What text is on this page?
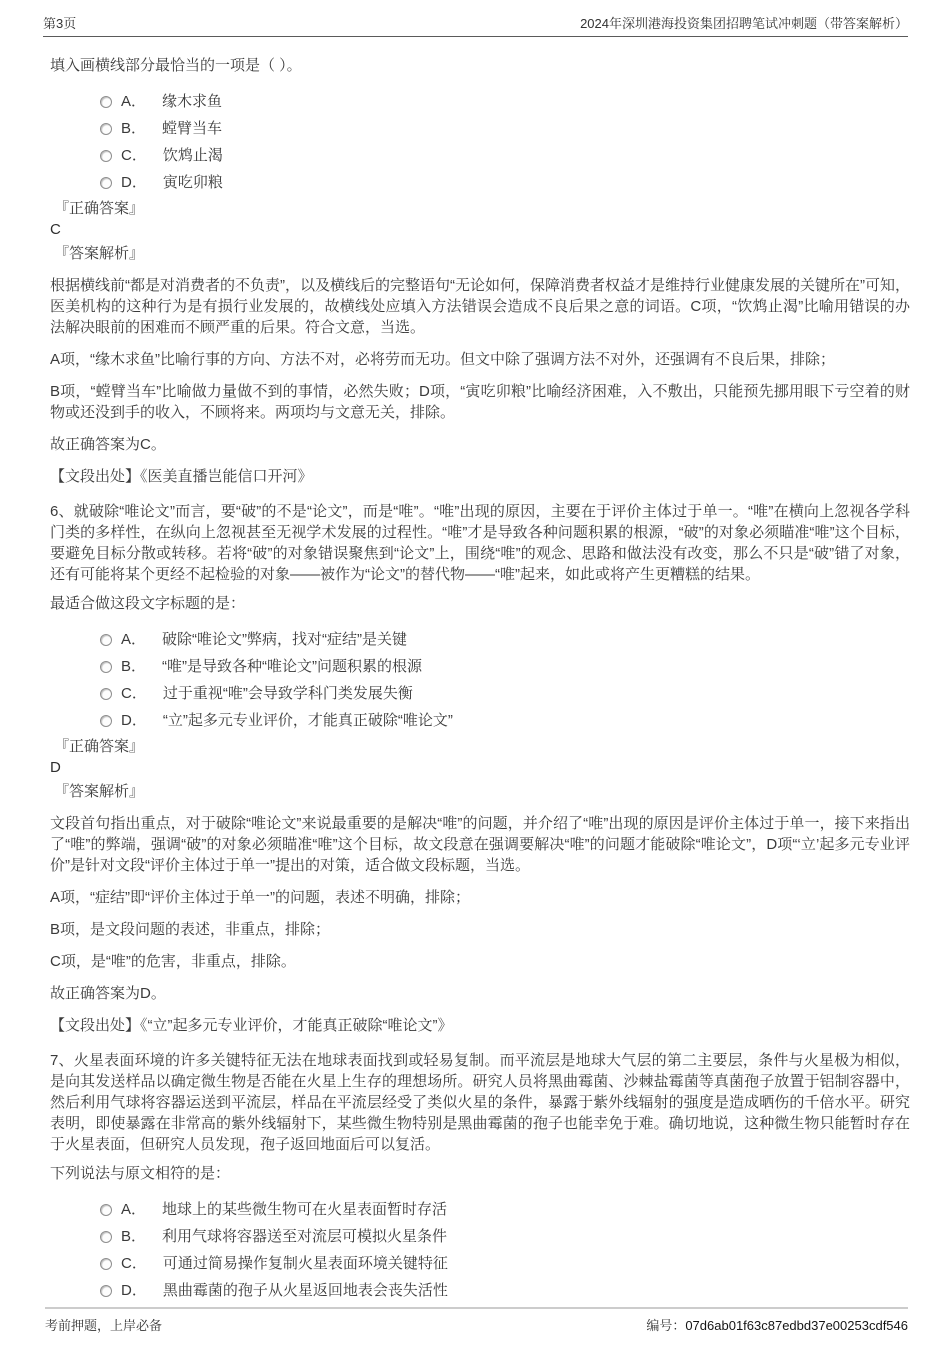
第3页	2024年深圳港海投资集团招聘笔试冲刺题（带答案解析）

填入画横线部分最恰当的一项是（ ）。

A． 缘木求鱼
B． 螳臂当车
C． 饮鸩止渴
D． 寅吃卯粮
『正确答案』
C
『答案解析』

根据横线前“都是对消费者的不负责”，以及横线后的完整语句“无论如何，保障消费者权益才是维持行业健康发展的关键所在”可知，医美机构的这种行为是有损行业发展的，故横线处应填入方法错误会造成不良后果之意的词语。C项，“饮鸩止渴”比喻用错误的办法解决眼前的困难而不顾严重的后果。符合文意，当选。

A项，“缘木求鱼”比喻行事的方向、方法不对，必将劳而无功。但文中除了强调方法不对外，还强调有不良后果，排除；

B项，“螳臂当车”比喻做力量做不到的事情，必然失败；D项，“寅吃卯粮”比喻经济困难，入不敷出，只能预先挪用眼下亏空着的财物或还没到手的收入，不顾将来。两项均与文意无关，排除。

故正确答案为C。

【文段出处】《医美直播岂能信口开河》

6、就破除“唯论文”而言，要“破”的不是“论文”，而是“唯”。“唯”出现的原因，主要在于评价主体过于单一。“唯”在横向上忽视各学科门类的多样性，在纵向上忽视甚至无视学术发展的过程性。“唯”才是导致各种问题积累的根源，“破”的对象必须瞄准“唯”这个目标，要避免目标分散或转移。若将“破”的对象错误聚焦到“论文”上，围绕“唯”的观念、思路和做法没有改变，那么不只是“破”错了对象，还有可能将某个更经不起检验的对象——被作为“论文”的替代物——“唯”起来，如此或将产生更糟糕的结果。

最适合做这段文字标题的是：

A． 破除“唯论文”弊病，找对“症结”是关键
B． “唯”是导致各种“唯论文”问题积累的根源
C． 过于重视“唯”会导致学科门类发展失衡
D． “立”起多元专业评价，才能真正破除“唯论文”
『正确答案』
D
『答案解析』

文段首句指出重点，对于破除“唯论文”来说最重要的是解决“唯”的问题，并介绍了“唯”出现的原因是评价主体过于单一，接下来指出了“唯”的弊端，强调“破”的对象必须瞄准“唯”这个目标，故文段意在强调要解决“唯”的问题才能破除“唯论文”，D项“‘立’起多元专业评价”是针对文段“评价主体过于单一”提出的对策，适合做文段标题，当选。

A项，“症结”即“评价主体过于单一”的问题，表述不明确，排除；

B项，是文段问题的表述，非重点，排除；

C项，是“唯”的危害，非重点，排除。

故正确答案为D。

【文段出处】《“立”起多元专业评价，才能真正破除“唯论文”》

7、火星表面环境的许多关键特征无法在地球表面找到或轻易复制。而平流层是地球大气层的第二主要层，条件与火星极为相似，是向其发送样品以确定微生物是否能在火星上生存的理想场所。研究人员将黑曲霉菌、沙棘盐霉菌等真菌孢子放置于铝制容器中，然后利用气球将容器运送到平流层，样品在平流层经受了类似火星的条件，暴露于紫外线辐射的强度是造成晒伤的千倍水平。研究表明，即使暴露在非常高的紫外线辐射下，某些微生物特别是黑曲霉菌的孢子也能幸免于难。确切地说，这种微生物只能暂时存在于火星表面，但研究人员发现，孢子返回地面后可以复活。

下列说法与原文相符的是：

A． 地球上的某些微生物可在火星表面暂时存活
B． 利用气球将容器送至对流层可模拟火星条件
C． 可通过简易操作复制火星表面环境关键特征
D． 黑曲霉菌的孢子从火星返回地表会丧失活性
考前押题，上岸必备	编号：07d6ab01f63c87edbd37e00253cdf546
